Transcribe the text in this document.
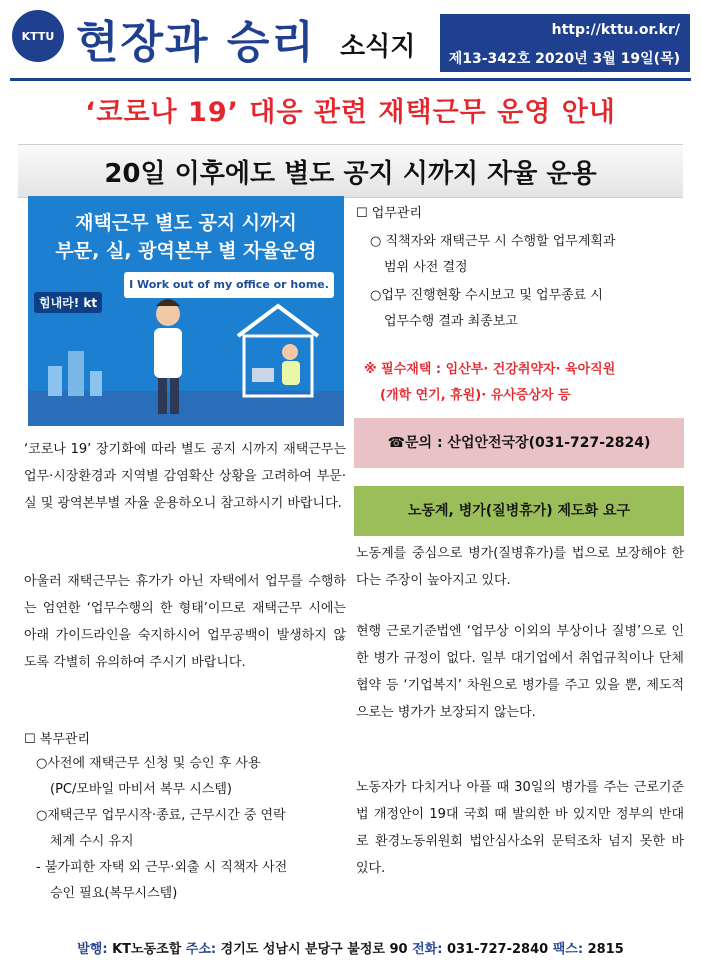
KTTU 현장과 승리 소식지
http://kttu.or.kr/
제13-342호 2020년 3월 19일(목)
‘코로나 19’ 대응 관련 재택근무 운영 안내
20일 이후에도 별도 공지 시까지 자율 운용
재택근무 별도 공지 시까지
부문, 실, 광역본부 별 자율운영
I Work out of my office or home.
힘내라! kt
‘코로나 19’ 장기화에 따라 별도 공지 시까지 재택근무는 업무·시장환경과 지역별 감염확산 상황을 고려하여 부문·실 및 광역본부별 자율 운용하오니 참고하시기 바랍니다.
아울러 재택근무는 휴가가 아닌 자택에서 업무를 수행하는 엄연한 ‘업무수행의 한 형태’이므로 재택근무 시에는 아래 가이드라인을 숙지하시어 업무공백이 발생하지 않도록 각별히 유의하여 주시기 바랍니다.
☐ 복무관리
○사전에 재택근무 신청 및 승인 후 사용
(PC/모바일 마비서 복무 시스템)
○재택근무 업무시작·종료, 근무시간 중 연락
체계 수시 유지
- 불가피한 자택 외 근무·외출 시 직책자 사전
승인 필요(복무시스템)
☐ 업무관리
○ 직책자와 재택근무 시 수행할 업무계획과
범위 사전 결정
○업무 진행현황 수시보고 및 업무종료 시
업무수행 결과 최종보고
※ 필수재택 : 임산부· 건강취약자· 육아직원
(개학 연기, 휴원)· 유사증상자 등
☎문의 : 산업안전국장(031-727-2824)
노동계, 병가(질병휴가) 제도화 요구
노동계를 중심으로 병가(질병휴가)를 법으로 보장해야 한다는 주장이 높아지고 있다.
현행 근로기준법엔 ‘업무상 이외의 부상이나 질병’으로 인한 병가 규정이 없다. 일부 대기업에서 취업규칙이나 단체협약 등 ‘기업복지’ 차원으로 병가를 주고 있을 뿐, 제도적으로는 병가가 보장되지 않는다.
노동자가 다치거나 아플 때 30일의 병가를 주는 근로기준법 개정안이 19대 국회 때 발의한 바 있지만 정부의 반대로 환경노동위원회 법안심사소위 문턱조차 넘지 못한 바 있다.
발행: KT노동조합 주소: 경기도 성남시 분당구 불정로 90 전화: 031-727-2840 팩스: 2815
